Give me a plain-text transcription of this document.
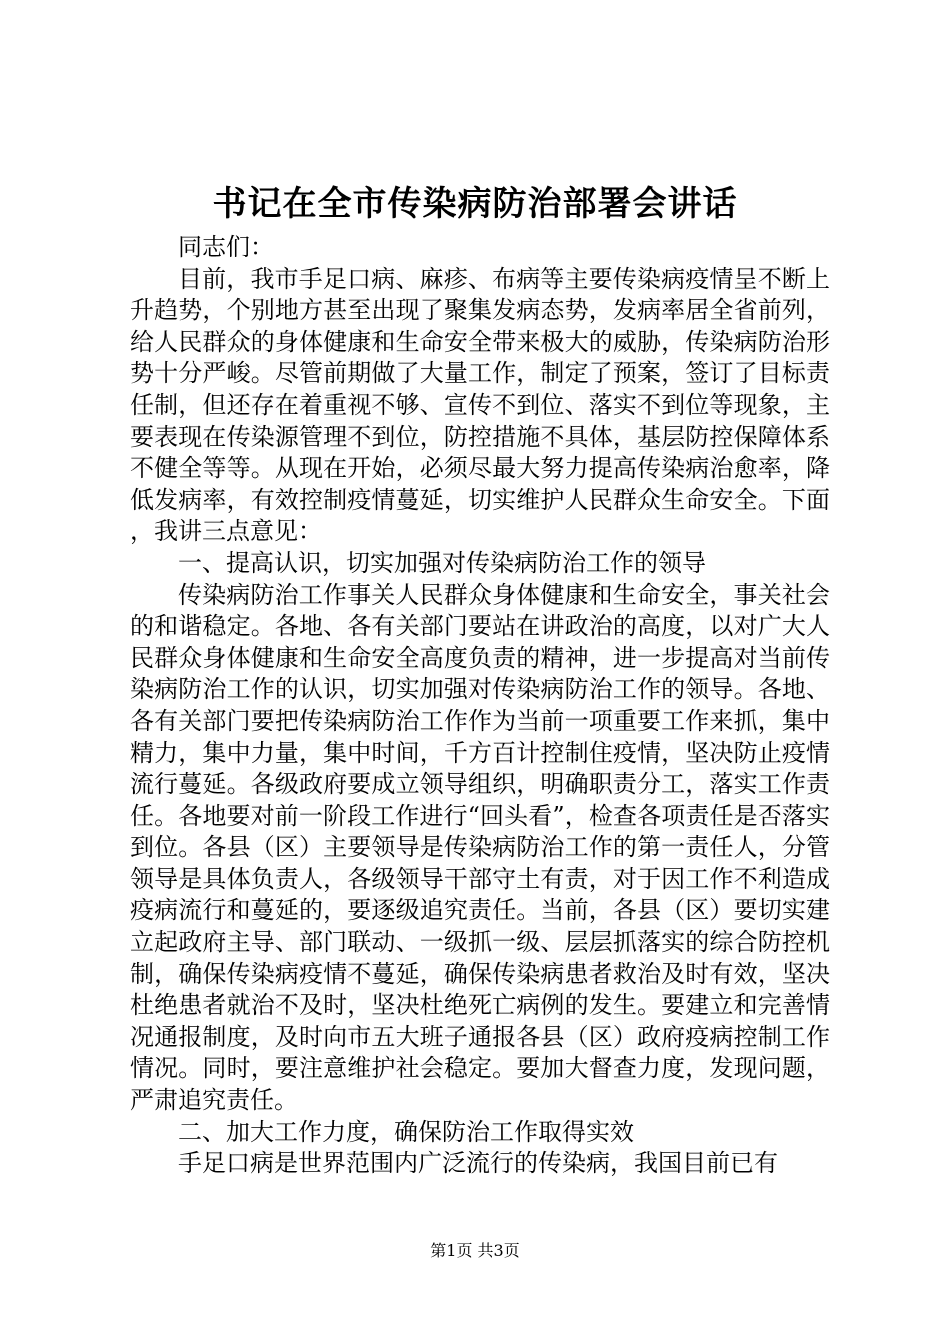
书记在全市传染病防治部署会讲话

同志们：

目前，我市手足口病、麻疹、布病等主要传染病疫情呈不断上升趋势，个别地方甚至出现了聚集发病态势，发病率居全省前列，给人民群众的身体健康和生命安全带来极大的威胁，传染病防治形势十分严峻。尽管前期做了大量工作，制定了预案，签订了目标责任制，但还存在着重视不够、宣传不到位、落实不到位等现象，主要表现在传染源管理不到位，防控措施不具体，基层防控保障体系不健全等等。从现在开始，必须尽最大努力提高传染病治愈率，降低发病率，有效控制疫情蔓延，切实维护人民群众生命安全。下面，我讲三点意见：

一、提高认识，切实加强对传染病防治工作的领导

传染病防治工作事关人民群众身体健康和生命安全，事关社会的和谐稳定。各地、各有关部门要站在讲政治的高度，以对广大人民群众身体健康和生命安全高度负责的精神，进一步提高对当前传染病防治工作的认识，切实加强对传染病防治工作的领导。各地、各有关部门要把传染病防治工作作为当前一项重要工作来抓，集中精力，集中力量，集中时间，千方百计控制住疫情，坚决防止疫情流行蔓延。各级政府要成立领导组织，明确职责分工，落实工作责任。各地要对前一阶段工作进行“回头看”，检查各项责任是否落实到位。各县（区）主要领导是传染病防治工作的第一责任人，分管领导是具体负责人，各级领导干部守土有责，对于因工作不利造成疫病流行和蔓延的，要逐级追究责任。当前，各县（区）要切实建立起政府主导、部门联动、一级抓一级、层层抓落实的综合防控机制，确保传染病疫情不蔓延，确保传染病患者救治及时有效，坚决杜绝患者就治不及时，坚决杜绝死亡病例的发生。要建立和完善情况通报制度，及时向市五大班子通报各县（区）政府疫病控制工作情况。同时，要注意维护社会稳定。要加大督查力度，发现问题，严肃追究责任。

二、加大工作力度，确保防治工作取得实效

手足口病是世界范围内广泛流行的传染病，我国目前已有

第1页 共3页
